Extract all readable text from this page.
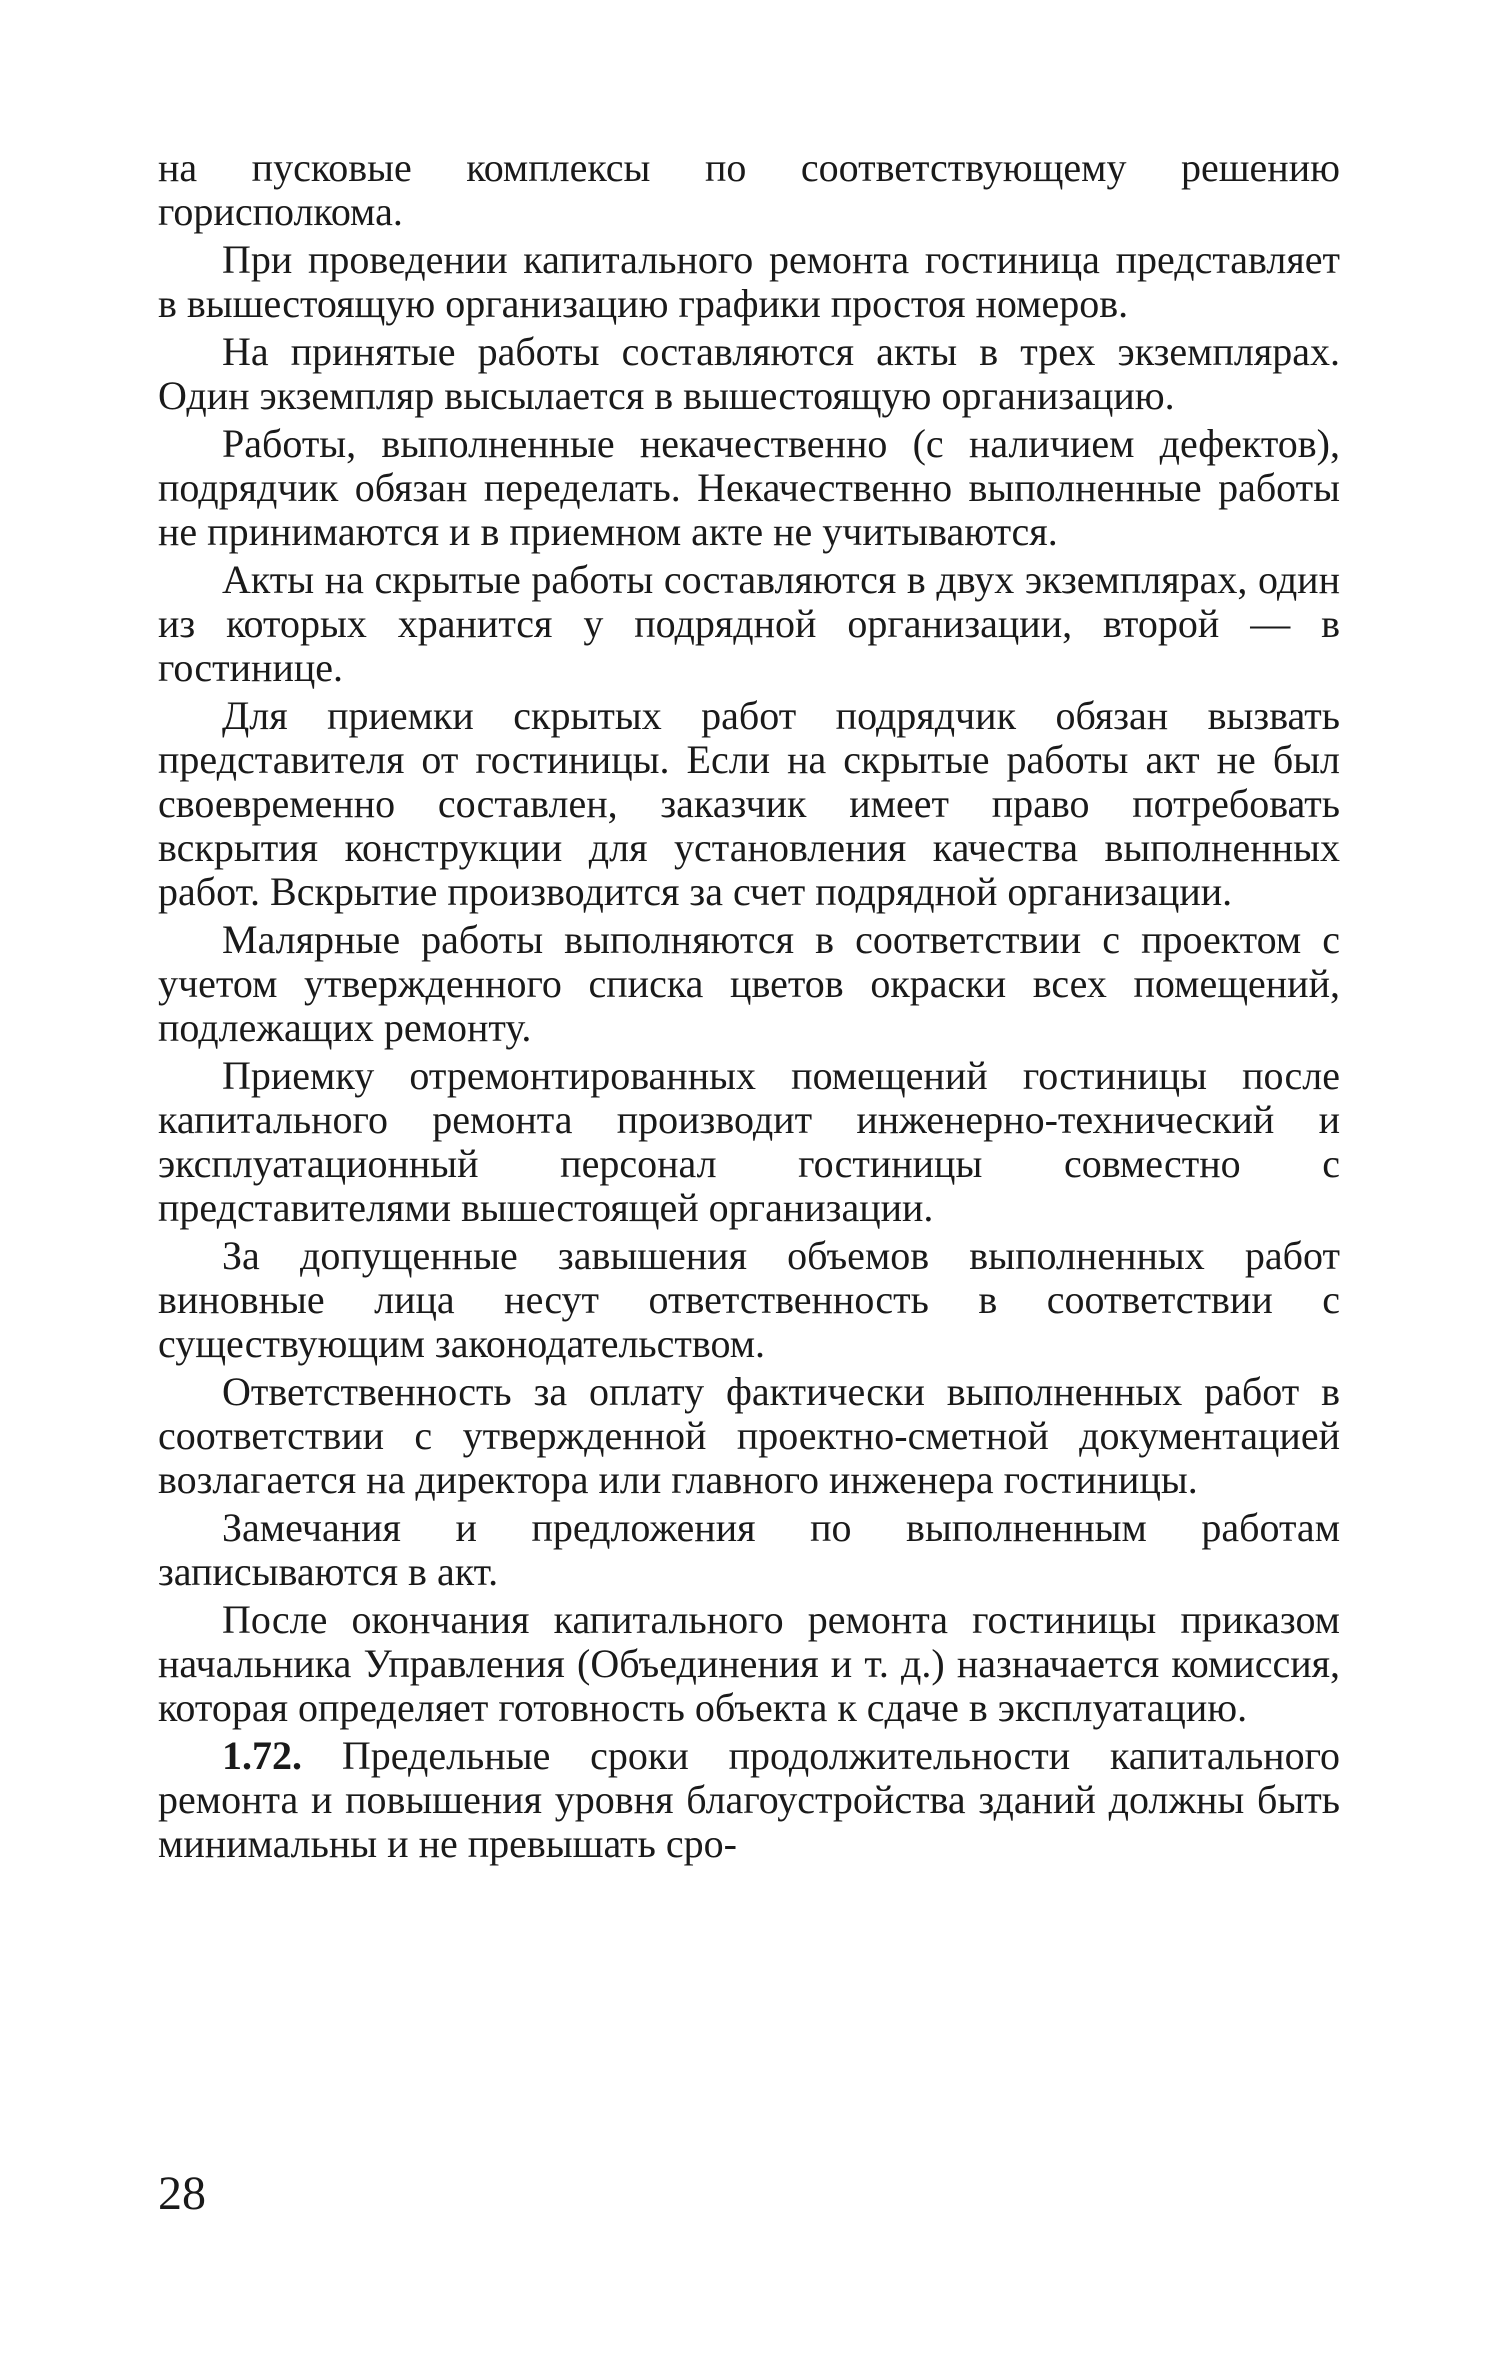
на пусковые комплексы по соответствующему решению горисполкома.

При проведении капитального ремонта гостиница представляет в вышестоящую организацию графики простоя номеров.

На принятые работы составляются акты в трех экземплярах. Один экземпляр высылается в вышестоящую организацию.

Работы, выполненные некачественно (с наличием дефектов), подрядчик обязан переделать. Некачественно выполненные работы не принимаются и в приемном акте не учитываются.

Акты на скрытые работы составляются в двух экземплярах, один из которых хранится у подрядной организации, второй — в гостинице.

Для приемки скрытых работ подрядчик обязан вызвать представителя от гостиницы. Если на скрытые работы акт не был своевременно составлен, заказчик имеет право потребовать вскрытия конструкции для установления качества выполненных работ. Вскрытие производится за счет подрядной организации.

Малярные работы выполняются в соответствии с проектом с учетом утвержденного списка цветов окраски всех помещений, подлежащих ремонту.

Приемку отремонтированных помещений гостиницы после капитального ремонта производит инженерно-технический и эксплуатационный персонал гостиницы совместно с представителями вышестоящей организации.

За допущенные завышения объемов выполненных работ виновные лица несут ответственность в соответствии с существующим законодательством.

Ответственность за оплату фактически выполненных работ в соответствии с утвержденной проектно-сметной документацией возлагается на директора или главного инженера гостиницы.

Замечания и предложения по выполненным работам записываются в акт.

После окончания капитального ремонта гостиницы приказом начальника Управления (Объединения и т. д.) назначается комиссия, которая определяет готовность объекта к сдаче в эксплуатацию.

1.72. Предельные сроки продолжительности капитального ремонта и повышения уровня благоустройства зданий должны быть минимальны и не превышать сро-

28
